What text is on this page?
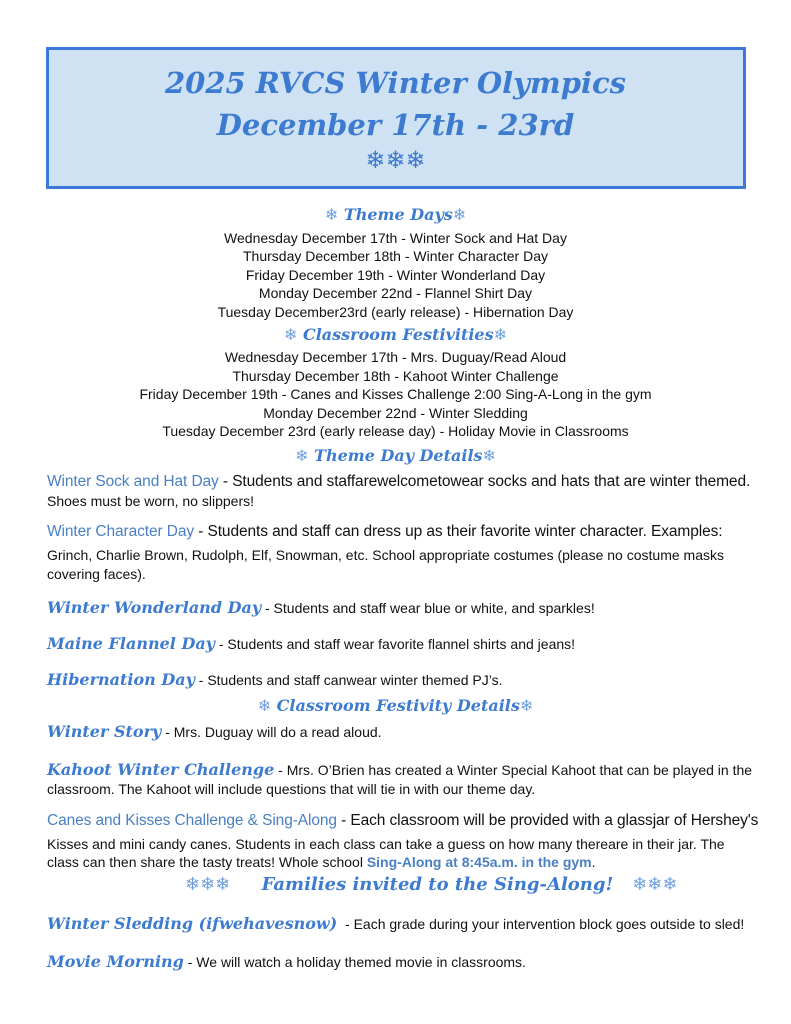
2025 RVCS Winter Olympics
December 17th - 23rd
❄❄❄
❄ Theme Days❄
Wednesday December 17th - Winter Sock and Hat Day
Thursday December 18th - Winter Character Day
Friday December 19th - Winter Wonderland Day
Monday December 22nd - Flannel Shirt Day
Tuesday December23rd (early release) - Hibernation Day
❄ Classroom Festivities❄
Wednesday December 17th - Mrs. Duguay/Read Aloud
Thursday December 18th - Kahoot Winter Challenge
Friday December 19th - Canes and Kisses Challenge 2:00 Sing-A-Long in the gym
Monday December 22nd - Winter Sledding
Tuesday December 23rd (early release day) - Holiday Movie in Classrooms
❄ Theme Day Details❄
Winter Sock and Hat Day - Students and staffarewelcometowear socks and hats that are winter themed.
Shoes must be worn, no slippers!
Winter Character Day - Students and staff can dress up as their favorite winter character. Examples:
Grinch, Charlie Brown, Rudolph, Elf, Snowman, etc. School appropriate costumes (please no costume masks
covering faces).
Winter Wonderland Day - Students and staff wear blue or white, and sparkles!
Maine Flannel Day - Students and staff wear favorite flannel shirts and jeans!
Hibernation Day - Students and staff canwear winter themed PJ’s.
❄ Classroom Festivity Details❄
Winter Story - Mrs. Duguay will do a read aloud.
Kahoot Winter Challenge - Mrs. O’Brien has created a Winter Special Kahoot that can be played in the
classroom. The Kahoot will include questions that will tie in with our theme day.
Canes and Kisses Challenge & Sing-Along - Each classroom will be provided with a glassjar of Hershey's
Kisses and mini candy canes. Students in each class can take a guess on how many thereare in their jar. The
class can then share the tasty treats! Whole school Sing-Along at 8:45a.m. in the gym.
❄❄❄ Families invited to the Sing-Along! ❄❄❄
Winter Sledding (ifwehavesnow)  - Each grade during your intervention block goes outside to sled!
Movie Morning - We will watch a holiday themed movie in classrooms.
